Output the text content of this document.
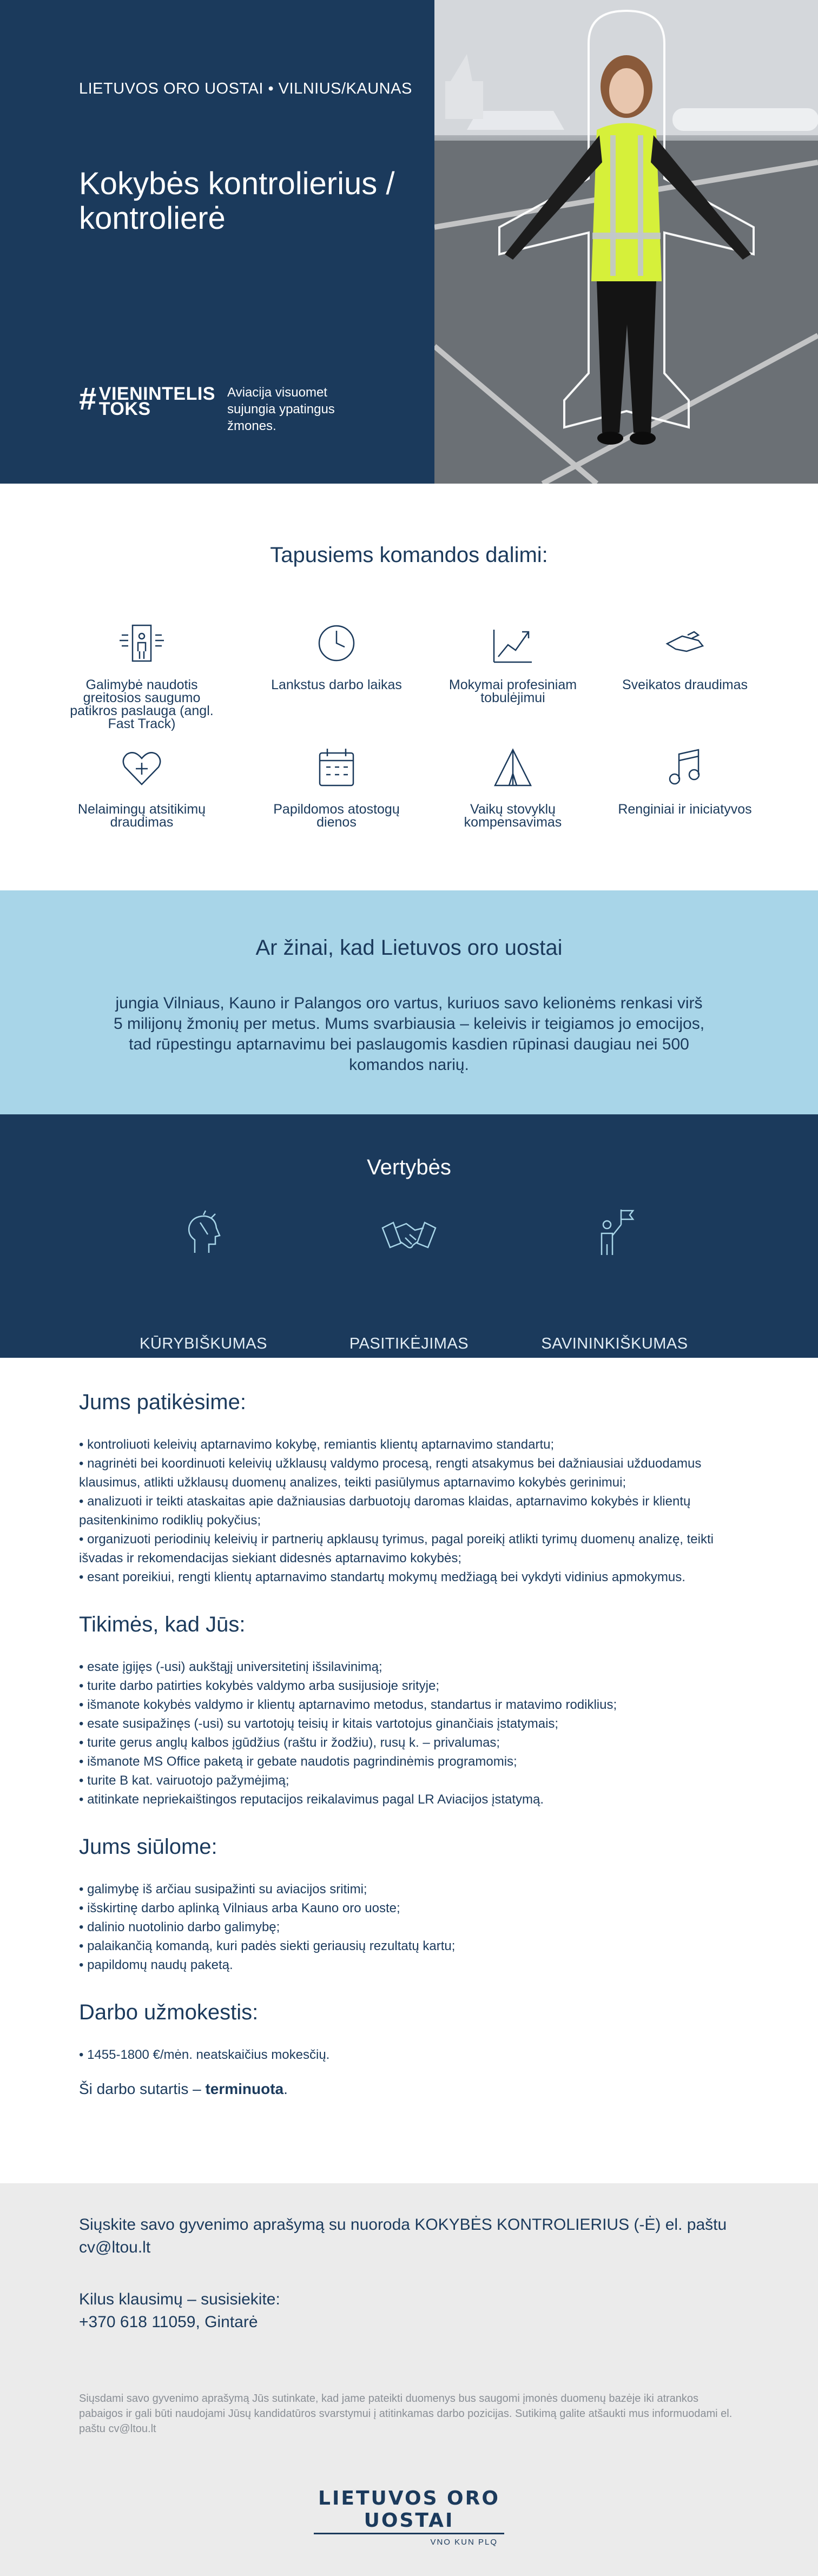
LIETUVOS ORO UOSTAI • VILNIUS/KAUNAS
Kokybės kontrolierius / kontrolierė
# VIENINTELIS
TOKS
Aviacija visuomet sujungia ypatingus žmones.
Tapusiems komandos dalimi:
Galimybė naudotis greitosios saugumo patikros paslauga (angl. Fast Track)
Lankstus darbo laikas	Mokymai profesiniam tobulėjimui
Sveikatos draudimas
Nelaimingų atsitikimų draudimas
Papildomos atostogų dienos
Vaikų stovyklų kompensavimas
Renginiai ir iniciatyvos
Ar žinai, kad Lietuvos oro uostai

jungia Vilniaus, Kauno ir Palangos oro vartus, kuriuos savo kelionėms renkasi virš 5 milijonų žmonių per metus. Mums svarbiausia – keleivis ir teigiamos jo emocijos, tad rūpestingu aptarnavimu bei paslaugomis kasdien rūpinasi daugiau nei 500 komandos narių.

Vertybės
KŪRYBIŠKUMAS	PASITIKĖJIMAS	SAVININKIŠKUMAS
Jums patikėsime:
• kontroliuoti keleivių aptarnavimo kokybę, remiantis klientų aptarnavimo standartu;
• nagrinėti bei koordinuoti keleivių užklausų valdymo procesą, rengti atsakymus bei dažniausiai užduodamus klausimus, atlikti užklausų duomenų analizes, teikti pasiūlymus aptarnavimo kokybės gerinimui;
• analizuoti ir teikti ataskaitas apie dažniausias darbuotojų daromas klaidas, aptarnavimo kokybės ir klientų pasitenkinimo rodiklių pokyčius;
• organizuoti periodinių keleivių ir partnerių apklausų tyrimus, pagal poreikį atlikti tyrimų duomenų analizę, teikti išvadas ir rekomendacijas siekiant didesnės aptarnavimo kokybės;
• esant poreikiui, rengti klientų aptarnavimo standartų mokymų medžiagą bei vykdyti vidinius apmokymus.
Tikimės, kad Jūs:
• esate įgijęs (-usi) aukštąjį universitetinį išsilavinimą;
• turite darbo patirties kokybės valdymo arba susijusioje srityje;
• išmanote kokybės valdymo ir klientų aptarnavimo metodus, standartus ir matavimo rodiklius;
• esate susipažinęs (-usi) su vartotojų teisių ir kitais vartotojus ginančiais įstatymais;
• turite gerus anglų kalbos įgūdžius (raštu ir žodžiu), rusų k. – privalumas;
• išmanote MS Office paketą ir gebate naudotis pagrindinėmis programomis;
• turite B kat. vairuotojo pažymėjimą;
• atitinkate nepriekaištingos reputacijos reikalavimus pagal LR Aviacijos įstatymą.
Jums siūlome:
• galimybę iš arčiau susipažinti su aviacijos sritimi;
• išskirtinę darbo aplinką Vilniaus arba Kauno oro uoste;
• dalinio nuotolinio darbo galimybę;
• palaikančią komandą, kuri padės siekti geriausių rezultatų kartu;
• papildomų naudų paketą.
Darbo užmokestis:
• 1455-1800 €/mėn. neatskaičius mokesčių.

Ši darbo sutartis – terminuota.

Siųskite savo gyvenimo aprašymą su nuoroda KOKYBĖS KONTROLIERIUS (-Ė) el. paštu
cv@ltou.lt
Kilus klausimų – susisiekite:
+370 618 11059, Gintarė

Siųsdami savo gyvenimo aprašymą Jūs sutinkate, kad jame pateikti duomenys bus saugomi įmonės duomenų bazėje iki atrankos pabaigos ir gali būti naudojami Jūsų kandidatūros svarstymui į atitinkamas darbo pozicijas. Sutikimą galite atšaukti mus informuodami el. paštu cv@ltou.lt

LIETUVOS ORO UOSTAI
VNO KUN PLQ
